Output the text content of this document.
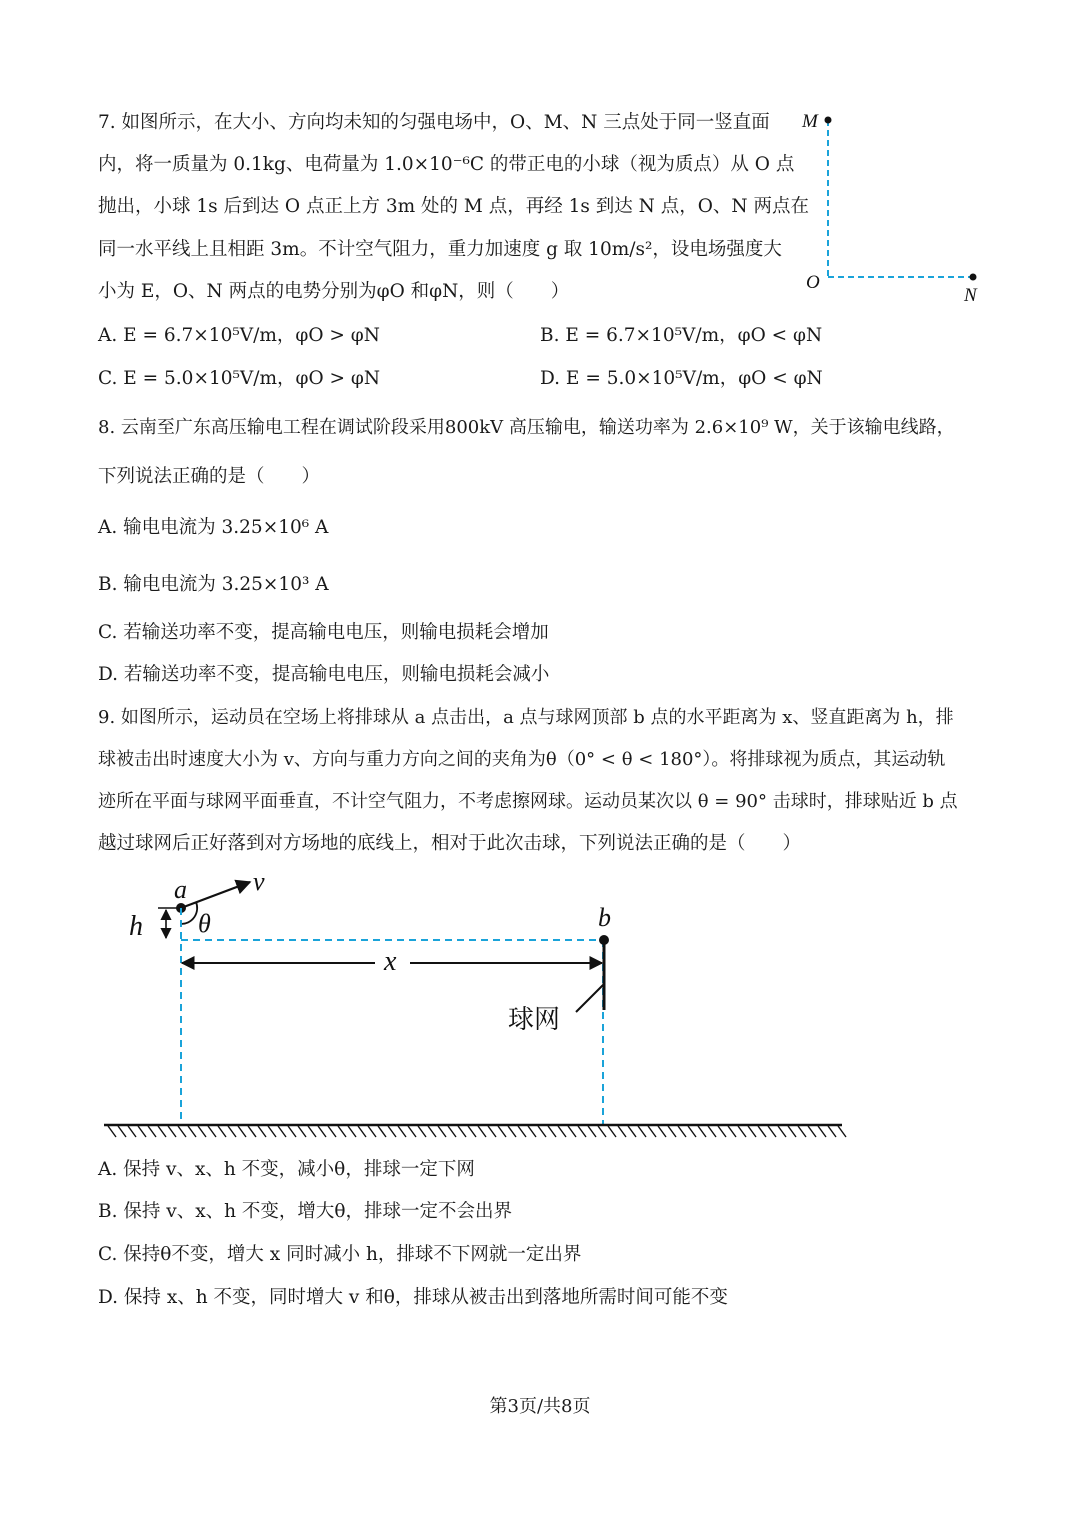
7. 如图所示，在大小、方向均未知的匀强电场中，O、M、N 三点处于同一竖直面
内，将一质量为 0.1kg、电荷量为 1.0×10⁻⁶C 的带正电的小球（视为质点）从 O 点
抛出，小球 1s 后到达 O 点正上方 3m 处的 M 点，再经 1s 到达 N 点，O、N 两点在
同一水平线上且相距 3m。不计空气阻力，重力加速度 g 取 10m/s²，设电场强度大
小为 E，O、N 两点的电势分别为φO 和φN，则（　　）
A. E = 6.7×10⁵V/m，φO > φN	B. E = 6.7×10⁵V/m，φO < φN
C. E = 5.0×10⁵V/m，φO > φN	D. E = 5.0×10⁵V/m，φO < φN
M
O
N
8. 云南至广东高压输电工程在调试阶段采用800kV 高压输电，输送功率为 2.6×10⁹ W，关于该输电线路，
下列说法正确的是（　　）
A. 输电电流为 3.25×10⁶ A
B. 输电电流为 3.25×10³ A
C. 若输送功率不变，提高输电电压，则输电损耗会增加
D. 若输送功率不变，提高输电电压，则输电损耗会减小
9. 如图所示，运动员在空场上将排球从 a 点击出，a 点与球网顶部 b 点的水平距离为 x、竖直距离为 h，排
球被击出时速度大小为 v、方向与重力方向之间的夹角为θ（0° < θ < 180°）。将排球视为质点，其运动轨
迹所在平面与球网平面垂直，不计空气阻力，不考虑擦网球。运动员某次以 θ = 90° 击球时，排球贴近 b 点
越过球网后正好落到对方场地的底线上，相对于此次击球，下列说法正确的是（　　）
a	v
h θ	b
x
球网
A. 保持 v、x、h 不变，减小θ，排球一定下网
B. 保持 v、x、h 不变，增大θ，排球一定不会出界
C. 保持θ不变，增大 x 同时减小 h，排球不下网就一定出界
D. 保持 x、h 不变，同时增大 v 和θ，排球从被击出到落地所需时间可能不变
第3页/共8页
